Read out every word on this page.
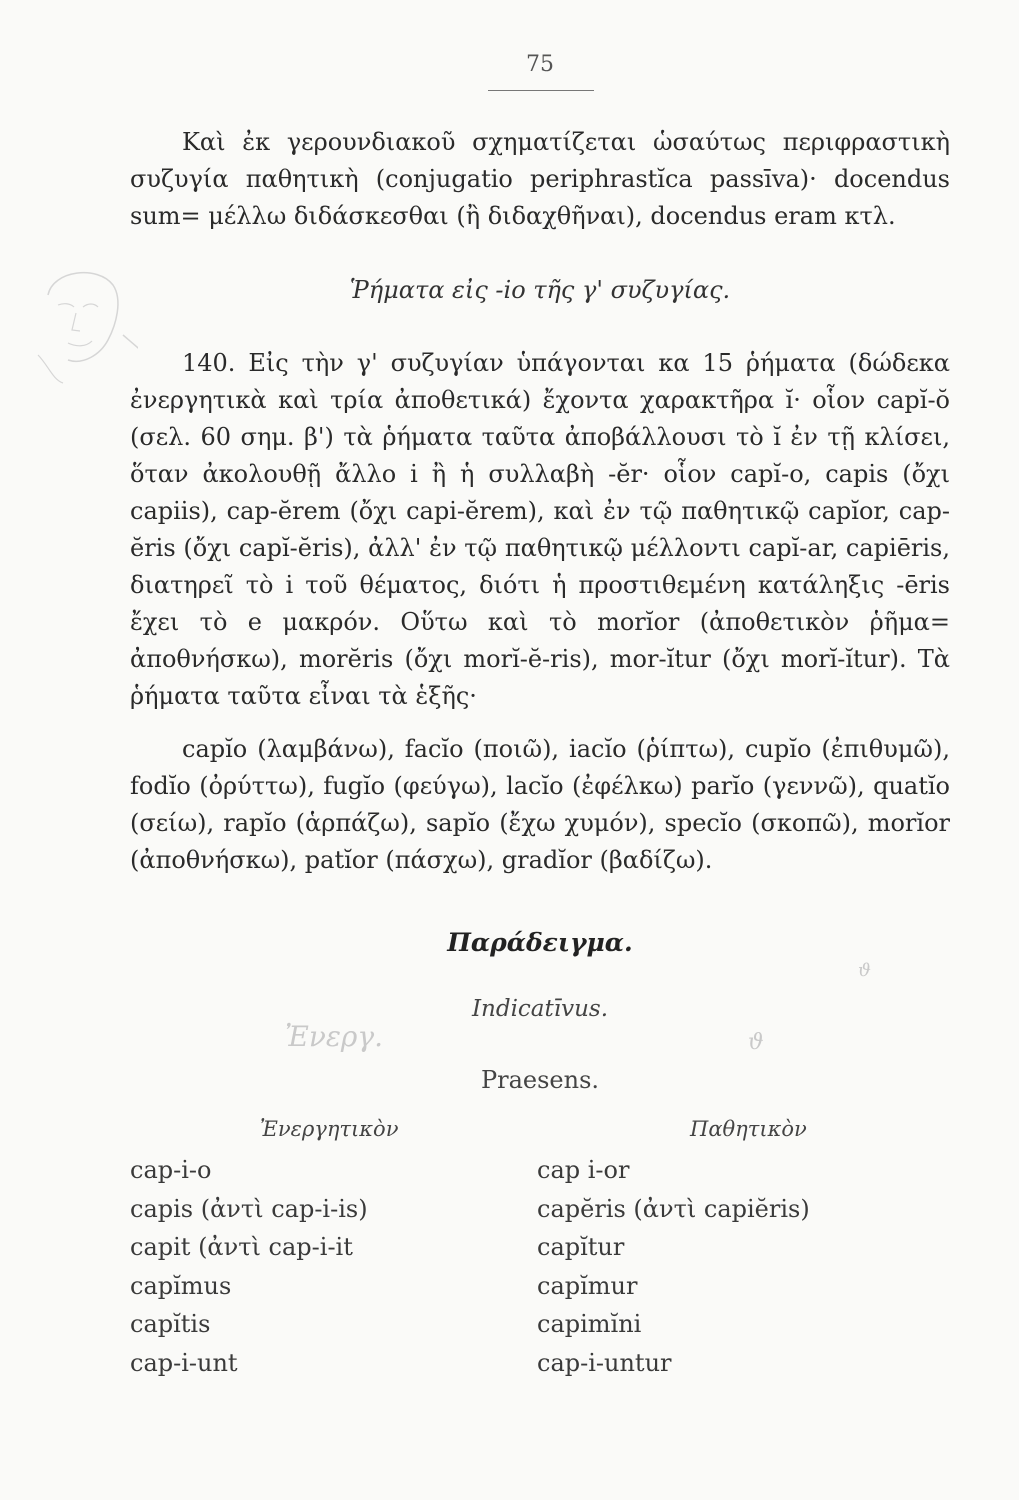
75
Καὶ ἐκ γερουνδιακοῦ σχηματίζεται ὡσαύτως περιφραστικὴ συζυγία παθητικὴ (conjugatio periphrastĭca passīva)· docendus sum= μέλλω διδάσκεσθαι (ἢ διδαχθῆναι), docendus eram κτλ.
Ῥήματα εἰς -io τῆς γ' συζυγίας.
140. Εἰς τὴν γ' συζυγίαν ὑπάγονται κα 15 ῥήματα (δώδεκα ἐνεργητικὰ καὶ τρία ἀποθετικά) ἔχοντα χαρακτῆρα ĭ· οἷον capĭ-ŏ (σελ. 60 σημ. β') τὰ ῥήματα ταῦτα ἀποβάλλουσι τὸ ĭ ἐν τῇ κλίσει, ὅταν ἀκολουθῇ ἄλλο i ἢ ἡ συλλαβὴ -ĕr· οἷον capĭ-o, capis (ὄχι capiis), cap-ĕrem (ὄχι capi-ĕrem), καὶ ἐν τῷ παθητικῷ capĭor, cap-ĕris (ὄχι capĭ-ĕris), ἀλλ' ἐν τῷ παθητικῷ μέλλοντι capĭ-ar, capiēris, διατηρεῖ τὸ i τοῦ θέματος, διότι ἡ προστιθεμένη κατάληξις -ēris ἔχει τὸ e μακρόν. Οὕτω καὶ τὸ morĭor (ἀποθετικὸν ῥῆμα= ἀποθνήσκω), morĕris (ὄχι morĭ-ĕ-ris), mor-ĭtur (ὄχι morĭ-ĭtur). Τὰ ῥήματα ταῦτα εἶναι τὰ ἑξῆς·
capĭo (λαμβάνω), facĭo (ποιῶ), iacĭo (ῥίπτω), cupĭo (ἐπιθυμῶ), fodĭo (ὀρύττω), fugĭo (φεύγω), lacĭo (ἐφέλκω) parĭo (γεννῶ), quatĭo (σείω), rapĭo (ἁρπάζω), sapĭo (ἔχω χυμόν), specĭo (σκοπῶ), morĭor (ἀποθνήσκω), patĭor (πάσχω), gradĭor (βαδίζω).
Παράδειγμα.
Indicatīvus.
Praesens.
Ἐνεργητικὸν	Παθητικὸν
cap-i-o
capis (ἀντὶ cap-i-is)
capit (ἀντὶ cap-i-it
capĭmus
capĭtis
cap-i-unt
cap i-or
capĕris (ἀντὶ capiĕris)
capĭtur
capĭmur
capimĭni
cap-i-untur
Ἐνεργ.
ϑ
ϑ
